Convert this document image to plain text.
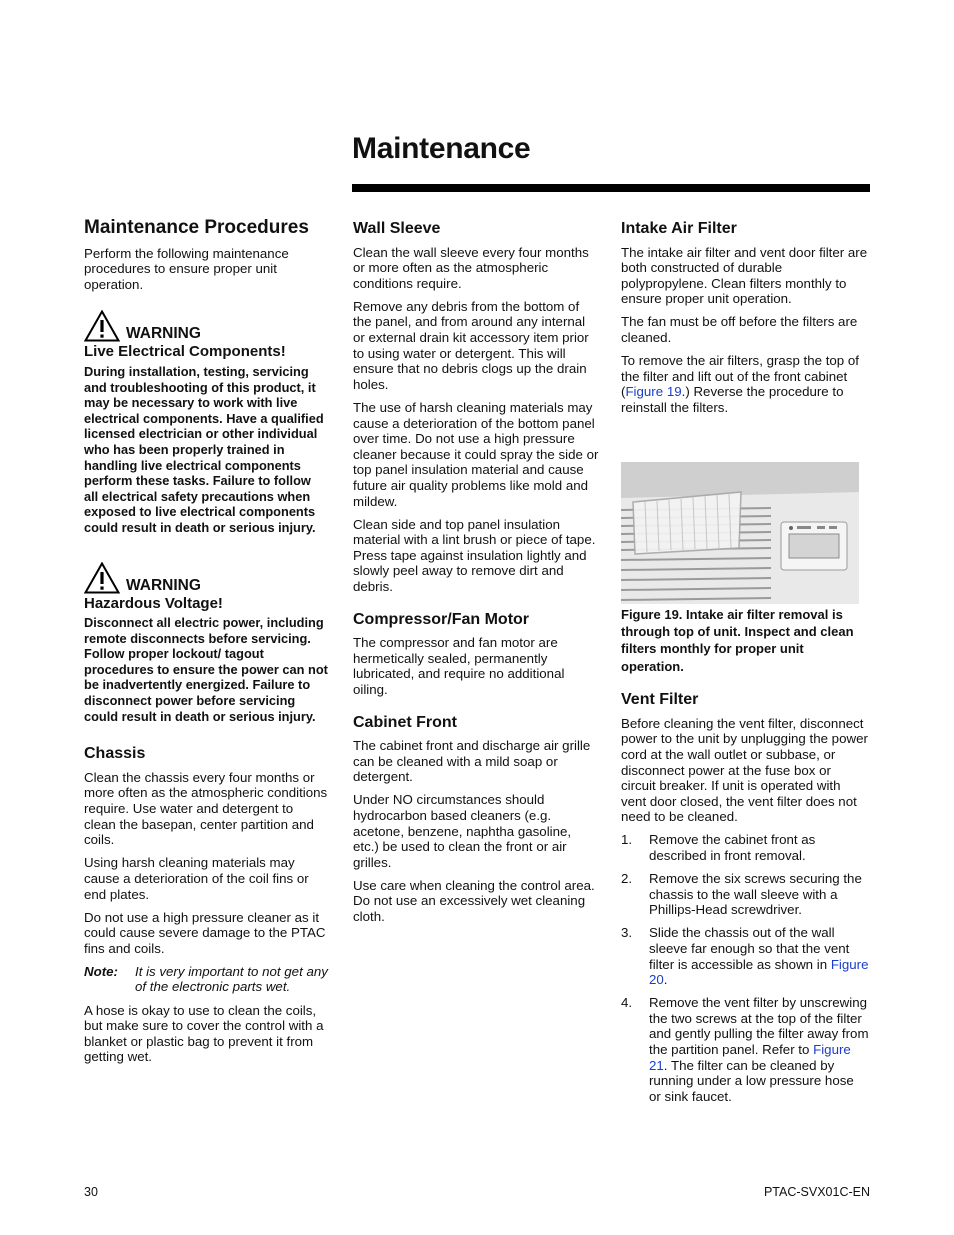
Maintenance
Maintenance Procedures

Perform the following maintenance procedures to ensure proper unit operation.

WARNING
Live Electrical Components!

During installation, testing, servicing and troubleshooting of this product, it may be necessary to work with live electrical components. Have a qualified licensed electrician or other individual who has been properly trained in handling live electrical components perform these tasks. Failure to follow all electrical safety precautions when exposed to live electrical components could result in death or serious injury.

WARNING
Hazardous Voltage!

Disconnect all electric power, including remote disconnects before servicing. Follow proper lockout/ tagout procedures to ensure the power can not be inadvertently energized. Failure to disconnect power before servicing could result in death or serious injury.

Chassis

Clean the chassis every four months or more often as the atmospheric conditions require. Use water and detergent to clean the basepan, center partition and coils.

Using harsh cleaning materials may cause a deterioration of the coil fins or end plates.

Do not use a high pressure cleaner as it could cause severe damage to the PTAC fins and coils.

Note:	It is very important to not get any of the electronic parts wet.

A hose is okay to use to clean the coils, but make sure to cover the control with a blanket or plastic bag to prevent it from getting wet.

Wall Sleeve

Clean the wall sleeve every four months or more often as the atmospheric conditions require.

Remove any debris from the bottom of the panel, and from around any internal or external drain kit accessory item prior to using water or detergent. This will ensure that no debris clogs up the drain holes.

The use of harsh cleaning materials may cause a deterioration of the bottom panel over time. Do not use a high pressure cleaner because it could spray the side or top panel insulation material and cause future air quality problems like mold and mildew.

Clean side and top panel insulation material with a lint brush or piece of tape. Press tape against insulation lightly and slowly peel away to remove dirt and debris.

Compressor/Fan Motor

The compressor and fan motor are hermetically sealed, permanently lubricated, and require no additional oiling.

Cabinet Front

The cabinet front and discharge air grille can be cleaned with a mild soap or detergent.

Under NO circumstances should hydrocarbon based cleaners (e.g. acetone, benzene, naphtha gasoline, etc.) be used to clean the front or air grilles.

Use care when cleaning the control area. Do not use an excessively wet cleaning cloth.

Intake Air Filter

The intake air filter and vent door filter are both constructed of durable polypropylene. Clean filters monthly to ensure proper unit operation.

The fan must be off before the filters are cleaned.

To remove the air filters, grasp the top of the filter and lift out of the front cabinet (Figure 19.) Reverse the procedure to reinstall the filters.

Figure 19. Intake air filter removal is through top of unit. Inspect and clean filters monthly for proper unit operation.

Vent Filter

Before cleaning the vent filter, disconnect power to the unit by unplugging the power cord at the wall outlet or subbase, or disconnect power at the fuse box or circuit breaker. If unit is operated with vent door closed, the vent filter does not need to be cleaned.

1.	Remove the cabinet front as described in front removal.
2.	Remove the six screws securing the chassis to the wall sleeve with a Phillips-Head screwdriver.
3.	Slide the chassis out of the wall sleeve far enough so that the vent filter is accessible as shown in Figure 20.
4.	Remove the vent filter by unscrewing the two screws at the top of the filter and gently pulling the filter away from the partition panel. Refer to Figure 21. The filter can be cleaned by running under a low pressure hose or sink faucet.
30	PTAC-SVX01C-EN
